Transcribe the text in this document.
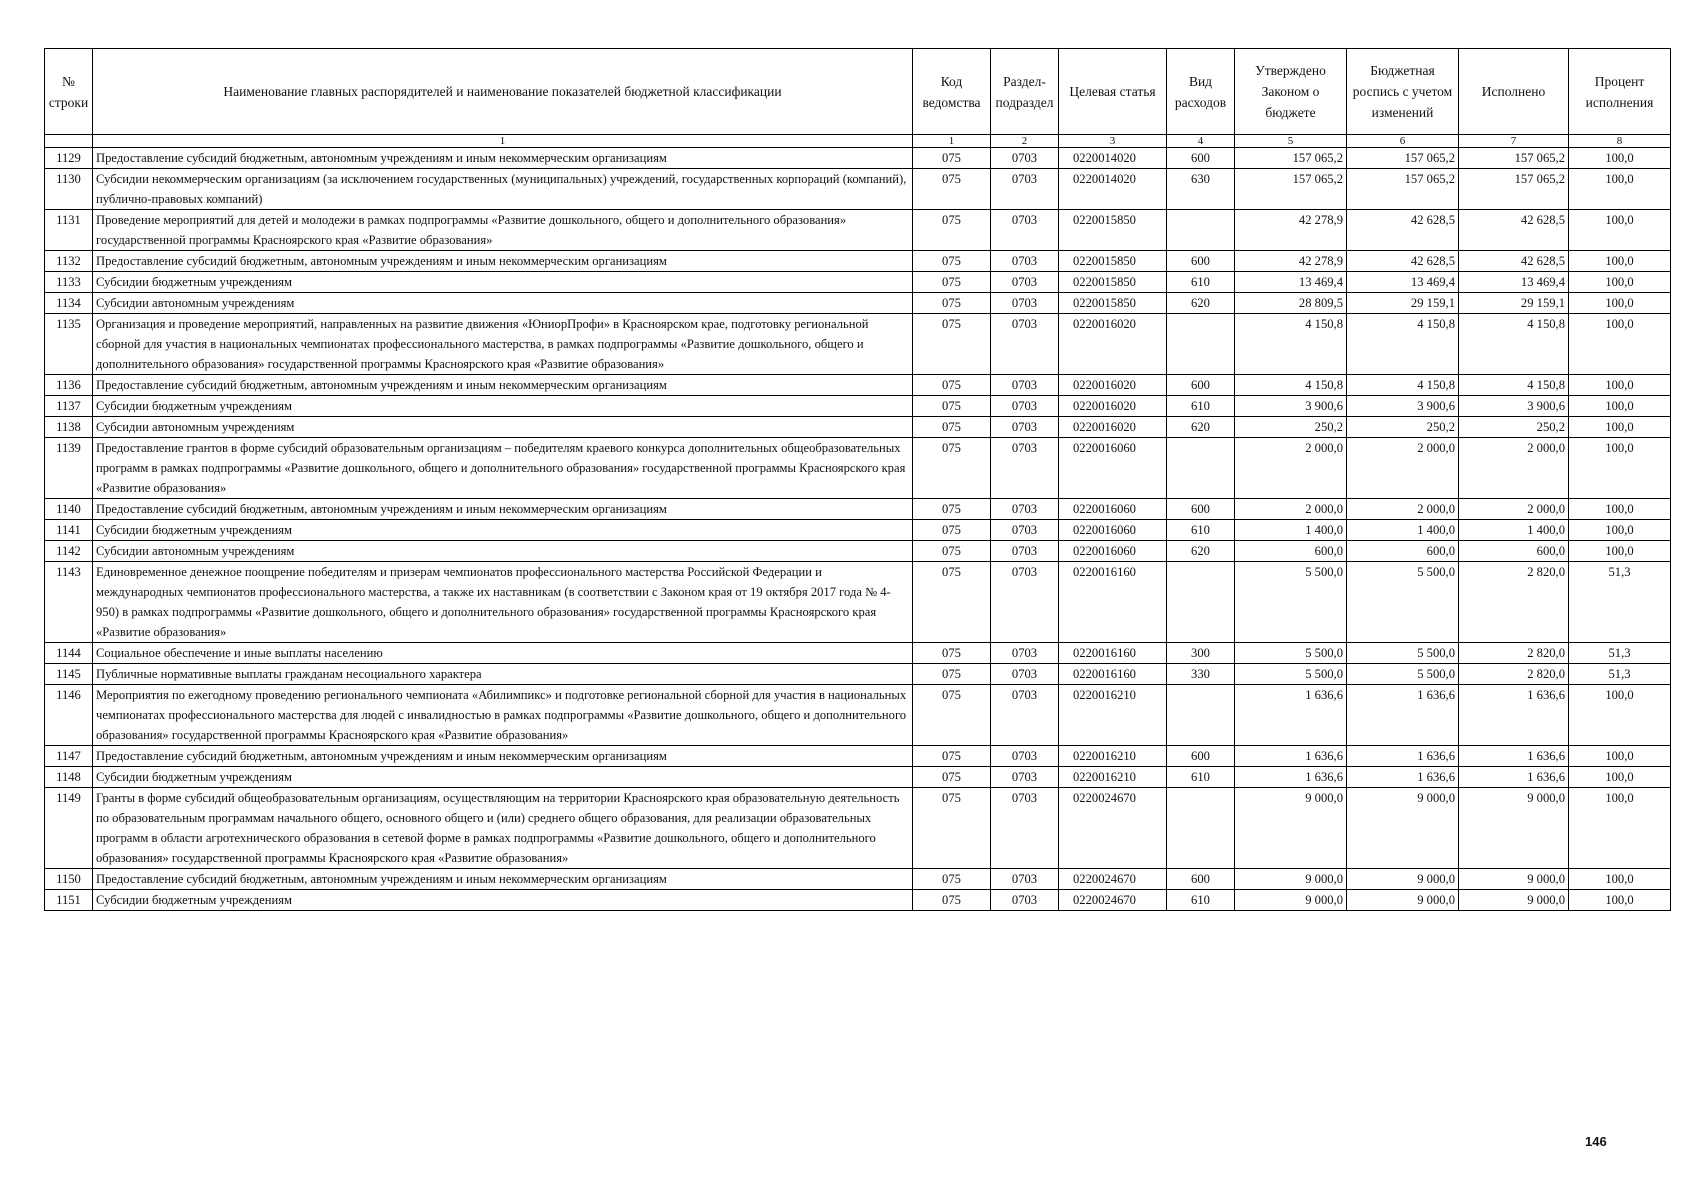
№ строки	Наименование главных распорядителей и наименование показателей бюджетной классификации	Код ведомства	Раздел-подраздел	Целевая статья	Вид расходов	Утверждено Законом о бюджете	Бюджетная роспись с учетом изменений	Исполнено	Процент исполнения
	1	1	2	3	4	5	6	7	8
1129	Предоставление субсидий бюджетным, автономным учреждениям и иным некоммерческим организациям	075	0703	0220014020	600	157 065,2	157 065,2	157 065,2	100,0
1130	Субсидии некоммерческим организациям (за исключением государственных (муниципальных) учреждений, государственных корпораций (компаний), публично-правовых компаний)	075	0703	0220014020	630	157 065,2	157 065,2	157 065,2	100,0
1131	Проведение мероприятий для детей и молодежи в рамках подпрограммы «Развитие дошкольного, общего и дополнительного образования» государственной программы Красноярского края «Развитие образования»	075	0703	0220015850		42 278,9	42 628,5	42 628,5	100,0
1132	Предоставление субсидий бюджетным, автономным учреждениям и иным некоммерческим организациям	075	0703	0220015850	600	42 278,9	42 628,5	42 628,5	100,0
1133	Субсидии бюджетным учреждениям	075	0703	0220015850	610	13 469,4	13 469,4	13 469,4	100,0
1134	Субсидии автономным учреждениям	075	0703	0220015850	620	28 809,5	29 159,1	29 159,1	100,0
1135	Организация и проведение мероприятий, направленных на развитие движения «ЮниорПрофи» в Красноярском крае, подготовку региональной сборной для участия в национальных чемпионатах профессионального мастерства, в рамках подпрограммы «Развитие дошкольного, общего и дополнительного образования» государственной программы Красноярского края «Развитие образования»	075	0703	0220016020		4 150,8	4 150,8	4 150,8	100,0
1136	Предоставление субсидий бюджетным, автономным учреждениям и иным некоммерческим организациям	075	0703	0220016020	600	4 150,8	4 150,8	4 150,8	100,0
1137	Субсидии бюджетным учреждениям	075	0703	0220016020	610	3 900,6	3 900,6	3 900,6	100,0
1138	Субсидии автономным учреждениям	075	0703	0220016020	620	250,2	250,2	250,2	100,0
1139	Предоставление грантов в форме субсидий образовательным организациям – победителям краевого конкурса дополнительных общеобразовательных программ в рамках подпрограммы «Развитие дошкольного, общего и дополнительного образования» государственной программы Красноярского края «Развитие образования»	075	0703	0220016060		2 000,0	2 000,0	2 000,0	100,0
1140	Предоставление субсидий бюджетным, автономным учреждениям и иным некоммерческим организациям	075	0703	0220016060	600	2 000,0	2 000,0	2 000,0	100,0
1141	Субсидии бюджетным учреждениям	075	0703	0220016060	610	1 400,0	1 400,0	1 400,0	100,0
1142	Субсидии автономным учреждениям	075	0703	0220016060	620	600,0	600,0	600,0	100,0
1143	Единовременное денежное поощрение победителям и призерам чемпионатов профессионального мастерства Российской Федерации и международных чемпионатов профессионального мастерства, а также их наставникам (в соответствии с Законом края от 19 октября 2017 года № 4-950) в рамках подпрограммы «Развитие дошкольного, общего и дополнительного образования» государственной программы Красноярского края «Развитие образования»	075	0703	0220016160		5 500,0	5 500,0	2 820,0	51,3
1144	Социальное обеспечение и иные выплаты населению	075	0703	0220016160	300	5 500,0	5 500,0	2 820,0	51,3
1145	Публичные нормативные выплаты гражданам несоциального характера	075	0703	0220016160	330	5 500,0	5 500,0	2 820,0	51,3
1146	Мероприятия по ежегодному проведению регионального чемпионата «Абилимпикс» и подготовке региональной сборной для участия в национальных чемпионатах профессионального мастерства для людей с инвалидностью в рамках подпрограммы «Развитие дошкольного, общего и дополнительного образования» государственной программы Красноярского края «Развитие образования»	075	0703	0220016210		1 636,6	1 636,6	1 636,6	100,0
1147	Предоставление субсидий бюджетным, автономным учреждениям и иным некоммерческим организациям	075	0703	0220016210	600	1 636,6	1 636,6	1 636,6	100,0
1148	Субсидии бюджетным учреждениям	075	0703	0220016210	610	1 636,6	1 636,6	1 636,6	100,0
1149	Гранты в форме субсидий общеобразовательным организациям, осуществляющим на территории Красноярского края образовательную деятельность по образовательным программам начального общего, основного общего и (или) среднего общего образования, для реализации образовательных программ в области агротехнического образования в сетевой форме в рамках подпрограммы «Развитие дошкольного, общего и дополнительного образования» государственной программы Красноярского края «Развитие образования»	075	0703	0220024670		9 000,0	9 000,0	9 000,0	100,0
1150	Предоставление субсидий бюджетным, автономным учреждениям и иным некоммерческим организациям	075	0703	0220024670	600	9 000,0	9 000,0	9 000,0	100,0
1151	Субсидии бюджетным учреждениям	075	0703	0220024670	610	9 000,0	9 000,0	9 000,0	100,0
146
